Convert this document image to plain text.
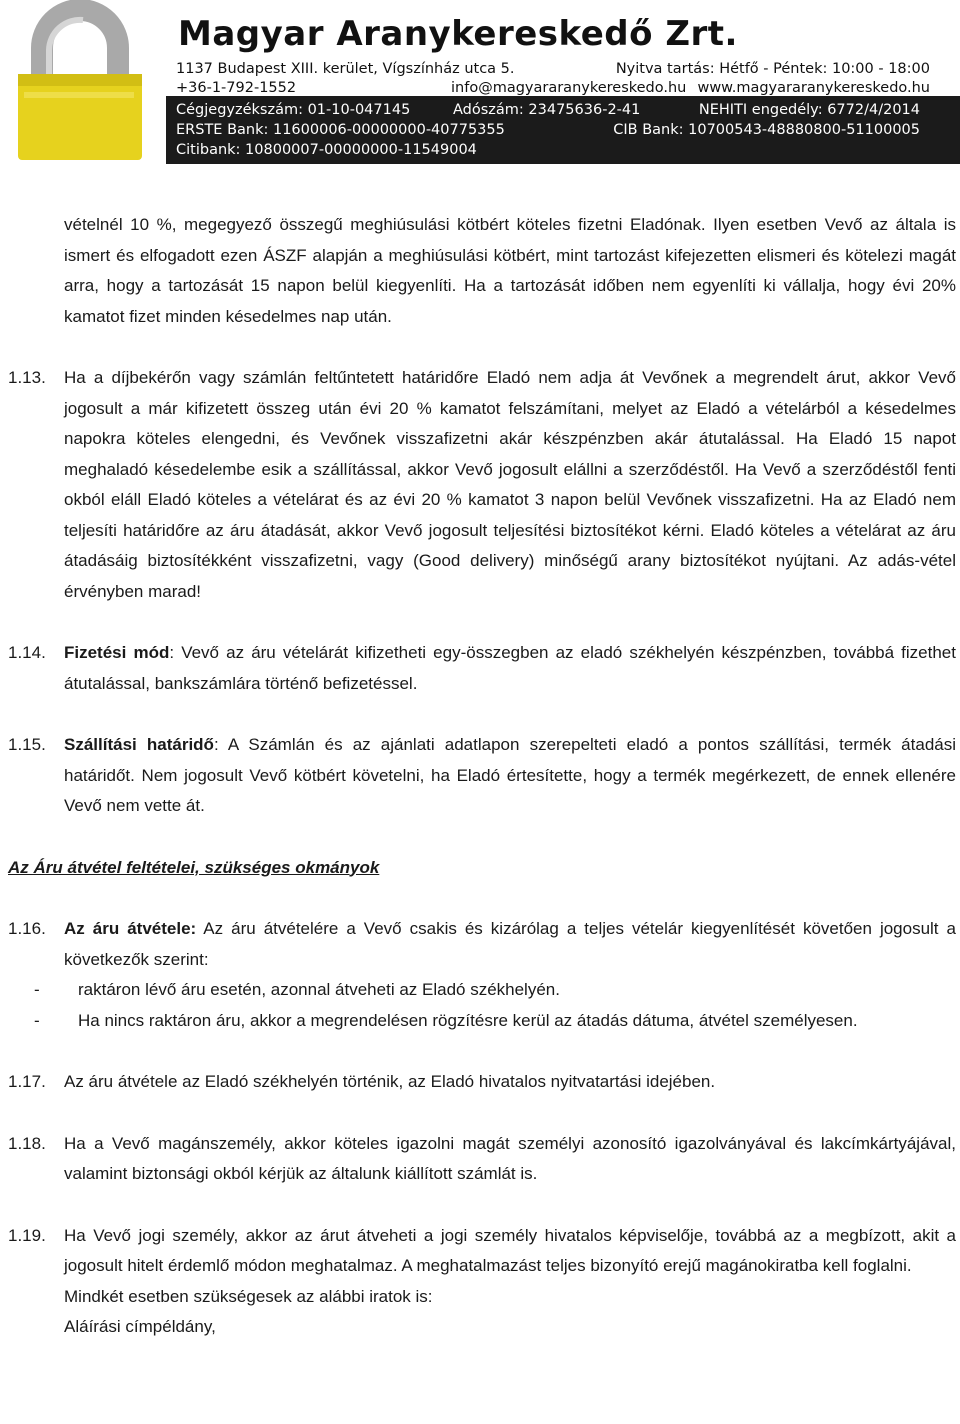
Magyar Aranykereskedő Zrt.
1137 Budapest XIII. kerület, Vígszínház utca 5.	Nyitva tartás: Hétfő - Péntek: 10:00 - 18:00
+36-1-792-1552	info@magyararanykereskedo.hu www.magyararanykereskedo.hu
Cégjegyzékszám: 01-10-047145	Adószám: 23475636-2-41	NEHITI engedély: 6772/4/2014
ERSTE Bank: 11600006-00000000-40775355	CIB Bank: 10700543-48880800-51100005
Citibank: 10800007-00000000-11549004

vételnél 10 %, megegyező összegű meghiúsulási kötbért köteles fizetni Eladónak. Ilyen esetben Vevő az általa is ismert és elfogadott ezen ÁSZF alapján a meghiúsulási kötbért, mint tartozást kifejezetten elismeri és kötelezi magát arra, hogy a tartozását 15 napon belül kiegyenlíti. Ha a tartozását időben nem egyenlíti ki vállalja, hogy évi 20% kamatot fizet minden késedelmes nap után.

1.13. Ha a díjbekérőn vagy számlán feltűntetett határidőre Eladó nem adja át Vevőnek a megrendelt árut, akkor Vevő jogosult a már kifizetett összeg után évi 20 % kamatot felszámítani, melyet az Eladó a vételárból a késedelmes napokra köteles elengedni, és Vevőnek visszafizetni akár készpénzben akár átutalással. Ha Eladó 15 napot meghaladó késedelembe esik a szállítással, akkor Vevő jogosult elállni a szerződéstől. Ha Vevő a szerződéstől fenti okból eláll Eladó köteles a vételárat és az évi 20 % kamatot 3 napon belül Vevőnek visszafizetni. Ha az Eladó nem teljesíti határidőre az áru átadását, akkor Vevő jogosult teljesítési biztosítékot kérni. Eladó köteles a vételárat az áru átadásáig biztosítékként visszafizetni, vagy (Good delivery) minőségű arany biztosítékot nyújtani. Az adás-vétel érvényben marad!
1.14. Fizetési mód: Vevő az áru vételárát kifizetheti egy-összegben az eladó székhelyén készpénzben, továbbá fizethet átutalással, bankszámlára történő befizetéssel.
1.15. Szállítási határidő: A Számlán és az ajánlati adatlapon szerepelteti eladó a pontos szállítási, termék átadási határidőt. Nem jogosult Vevő kötbért követelni, ha Eladó értesítette, hogy a termék megérkezett, de ennek ellenére Vevő nem vette át.

Az Áru átvétel feltételei, szükséges okmányok

1.16. Az áru átvétele: Az áru átvételére a Vevő csakis és kizárólag a teljes vételár kiegyenlítését követően jogosult a következők szerint:
- raktáron lévő áru esetén, azonnal átveheti az Eladó székhelyén.
- Ha nincs raktáron áru, akkor a megrendelésen rögzítésre kerül az átadás dátuma, átvétel személyesen.
1.17. Az áru átvétele az Eladó székhelyén történik, az Eladó hivatalos nyitvatartási idejében.
1.18. Ha a Vevő magánszemély, akkor köteles igazolni magát személyi azonosító igazolványával és lakcímkártyájával, valamint biztonsági okból kérjük az általunk kiállított számlát is.
1.19. Ha Vevő jogi személy, akkor az árut átveheti a jogi személy hivatalos képviselője, továbbá az a megbízott, akit a jogosult hitelt érdemlő módon meghatalmaz. A meghatalmazást teljes bizonyító erejű magánokiratba kell foglalni.

Mindkét esetben szükségesek az alábbi iratok is:

Aláírási címpéldány,
